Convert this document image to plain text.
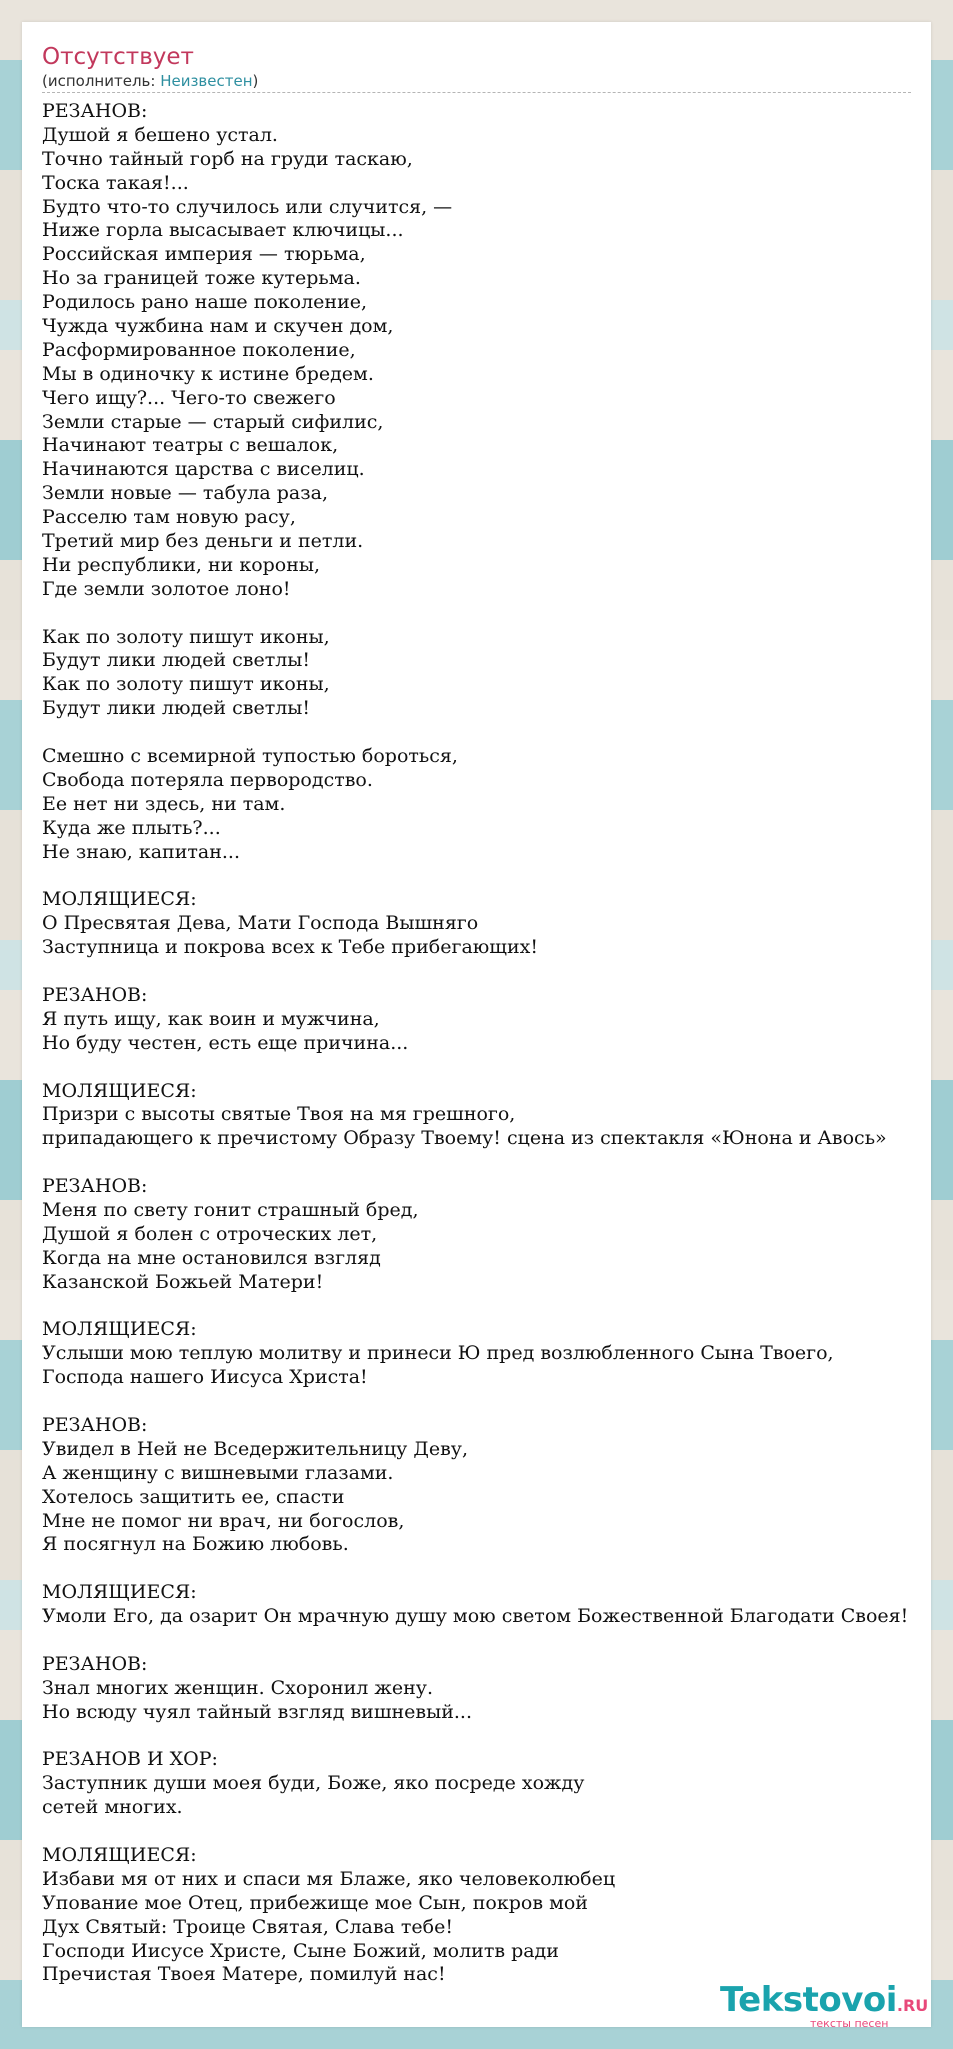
Отсутствует
(исполнитель: Неизвестен)
РЕЗАНОВ:
Душой я бешено устал.
Точно тайный горб на груди таскаю,
Тоска такая!...
Будто что-то случилось или случится, —
Ниже горла высасывает ключицы...
Российская империя — тюрьма,
Но за границей тоже кутерьма.
Родилось рано наше поколение,
Чужда чужбина нам и скучен дом,
Расформированное поколение,
Мы в одиночку к истине бредем.
Чего ищу?... Чего-то свежего
Земли старые — старый сифилис,
Начинают театры с вешалок,
Начинаются царства с виселиц.
Земли новые — табула раза,
Расселю там новую расу,
Третий мир без деньги и петли.
Ни республики, ни короны,
Где земли золотое лоно!
Как по золоту пишут иконы,
Будут лики людей светлы!
Как по золоту пишут иконы,
Будут лики людей светлы!
Смешно с всемирной тупостью бороться,
Свобода потеряла первородство.
Ее нет ни здесь, ни там.
Куда же плыть?...
Не знаю, капитан...
МОЛЯЩИЕСЯ:
О Пресвятая Дева, Мати Господа Вышняго
Заступница и покрова всех к Тебе прибегающих!
РЕЗАНОВ:
Я путь ищу, как воин и мужчина,
Но буду честен, есть еще причина...
МОЛЯЩИЕСЯ:
Призри с высоты святые Твоя на мя грешного,
припадающего к пречистому Образу Твоему! сцена из спектакля «Юнона и Авось»
РЕЗАНОВ:
Меня по свету гонит страшный бред,
Душой я болен с отроческих лет,
Когда на мне остановился взгляд
Казанской Божьей Матери!
МОЛЯЩИЕСЯ:
Услыши мою теплую молитву и принеси Ю пред возлюбленного Сына Твоего,
Господа нашего Иисуса Христа!
РЕЗАНОВ:
Увидел в Ней не Вседержительницу Деву,
А женщину с вишневыми глазами.
Хотелось защитить ее, спасти
Мне не помог ни врач, ни богослов,
Я посягнул на Божию любовь.
МОЛЯЩИЕСЯ:
Умоли Его, да озарит Он мрачную душу мою светом Божественной Благодати Своея!
РЕЗАНОВ:
Знал многих женщин. Схоронил жену.
Но всюду чуял тайный взгляд вишневый...
РЕЗАНОВ И ХОР:
Заступник души моея буди, Боже, яко посреде хожду
сетей многих.
МОЛЯЩИЕСЯ:
Избави мя от них и спаси мя Блаже, яко человеколюбец
Упование мое Отец, прибежище мое Сын, покров мой
Дух Святый: Троице Святая, Слава тебе!
Господи Иисусе Христе, Сыне Божий, молитв ради
Пречистая Твоея Матере, помилуй нас!
Tekstovoi.RU
тексты песен
